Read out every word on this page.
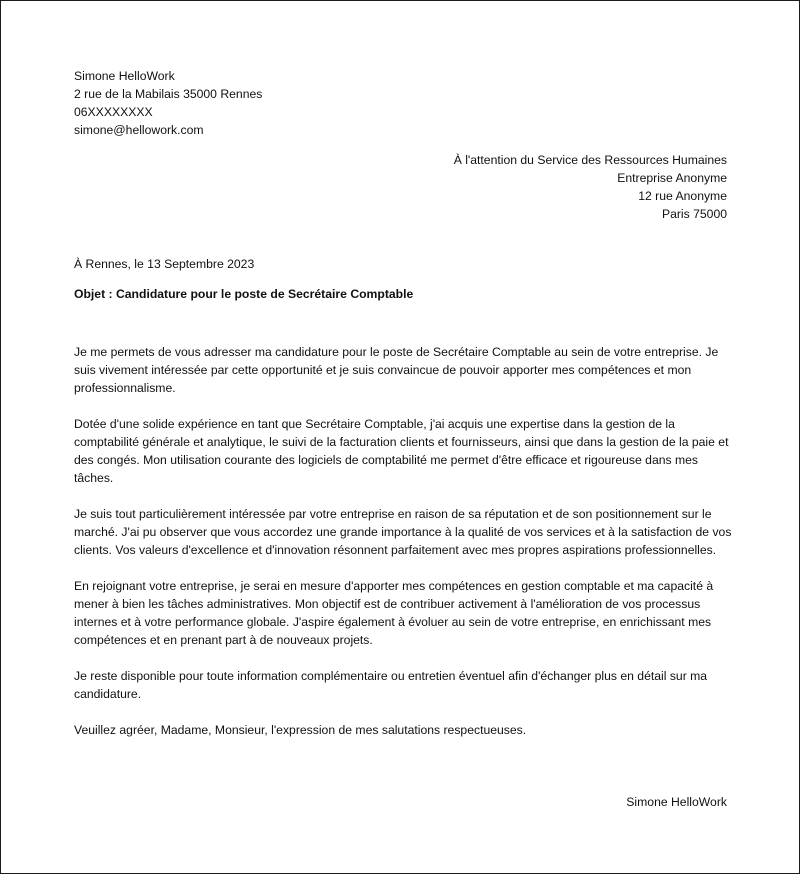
Simone HelloWork
2 rue de la Mabilais 35000 Rennes
06XXXXXXXX
simone@hellowork.com
À l'attention du Service des Ressources Humaines
Entreprise Anonyme
12 rue Anonyme
Paris 75000
À Rennes, le 13 Septembre 2023
Objet : Candidature pour le poste de Secrétaire Comptable

Je me permets de vous adresser ma candidature pour le poste de Secrétaire Comptable au sein de votre entreprise. Je suis vivement intéressée par cette opportunité et je suis convaincue de pouvoir apporter mes compétences et mon professionnalisme.

Dotée d'une solide expérience en tant que Secrétaire Comptable, j'ai acquis une expertise dans la gestion de la comptabilité générale et analytique, le suivi de la facturation clients et fournisseurs, ainsi que dans la gestion de la paie et des congés. Mon utilisation courante des logiciels de comptabilité me permet d'être efficace et rigoureuse dans mes tâches.

Je suis tout particulièrement intéressée par votre entreprise en raison de sa réputation et de son positionnement sur le marché. J'ai pu observer que vous accordez une grande importance à la qualité de vos services et à la satisfaction de vos clients. Vos valeurs d'excellence et d'innovation résonnent parfaitement avec mes propres aspirations professionnelles.

En rejoignant votre entreprise, je serai en mesure d'apporter mes compétences en gestion comptable et ma capacité à mener à bien les tâches administratives. Mon objectif est de contribuer activement à l'amélioration de vos processus internes et à votre performance globale. J'aspire également à évoluer au sein de votre entreprise, en enrichissant mes compétences et en prenant part à de nouveaux projets.

Je reste disponible pour toute information complémentaire ou entretien éventuel afin d'échanger plus en détail sur ma candidature.

Veuillez agréer, Madame, Monsieur, l'expression de mes salutations respectueuses.

Simone HelloWork
